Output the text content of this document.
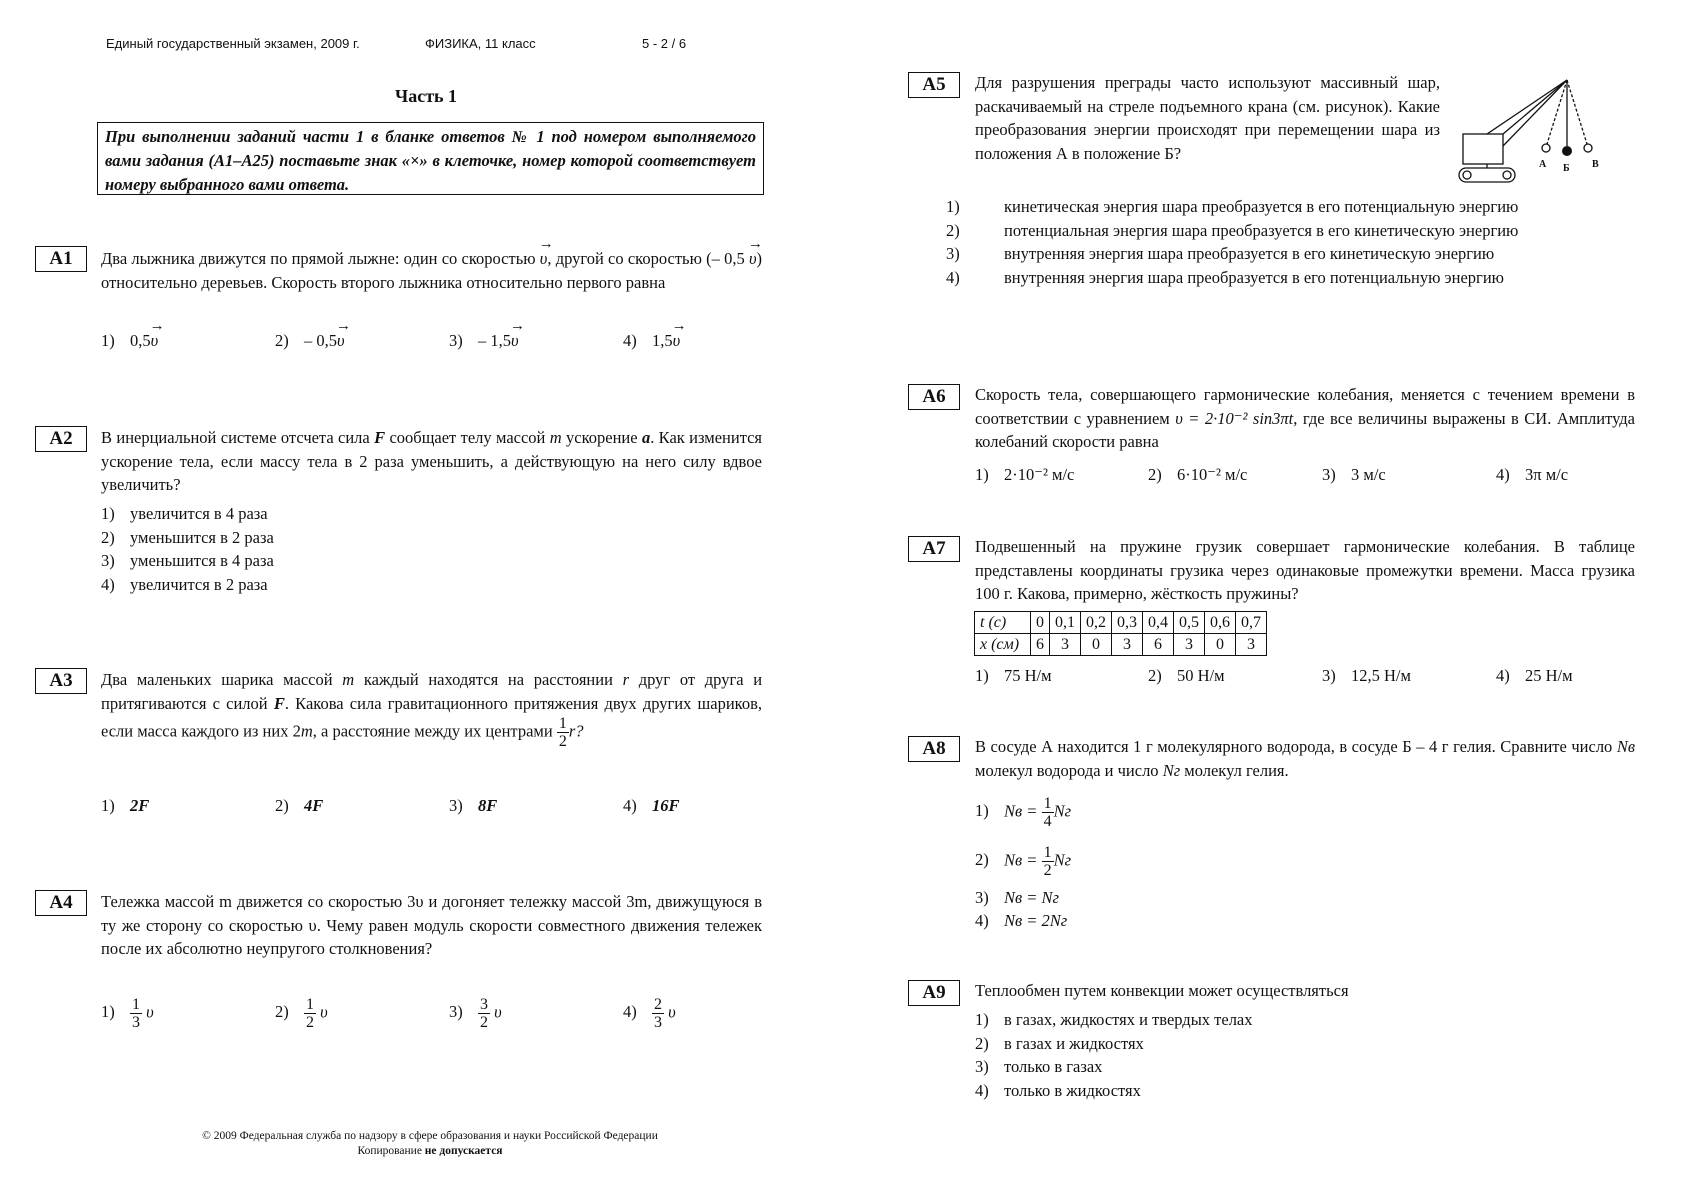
Единый государственный экзамен, 2009 г.	ФИЗИКА, 11 класс	5 - 2 / 6
Часть 1
При выполнении заданий части 1 в бланке ответов № 1 под номером выполняемого вами задания (А1–А25) поставьте знак «×» в клеточке, номер которой соответствует номеру выбранного вами ответа.
A1	Два лыжника движутся по прямой лыжне: один со скоростью → υ, другой со скоростью (– 0,5 → υ) относительно деревьев. Скорость второго лыжника относительно первого равна
1) 0,5→ υ	2) – 0,5→ υ	3) – 1,5→ υ	4) 1,5→ υ
A2	В инерциальной системе отсчета сила F сообщает телу массой m ускорение a. Как изменится ускорение тела, если массу тела в 2 раза уменьшить, а действующую на него силу вдвое увеличить?
1) увеличится в 4 раза
2) уменьшится в 2 раза
3) уменьшится в 4 раза
4) увеличится в 2 раза
A3	Два маленьких шарика массой m каждый находятся на расстоянии r друг от друга и притягиваются с силой F. Какова сила гравитационного притяжения двух других шариков, если масса каждого из них 2m, а расстояние между их центрами $\frac{1}{2} r$?
1) 2F	2) 4F	3) 8F	4) 16F
A4	Тележка массой m движется со скоростью 3υ и догоняет тележку массой 3m, движущуюся в ту же сторону со скоростью υ. Чему равен модуль скорости совместного движения тележек после их абсолютно неупругого столкновения?
$1) \frac{1}{3}$ υ	$2) \frac{1}{2}$ υ	$3) \frac{3}{2}$ υ	$4) \frac{2}{3}$ υ
© 2009 Федеральная служба по надзору в сфере образования и науки Российской Федерации
Копирование не допускается
A5	Для разрушения преграды часто используют массивный шар, раскачиваемый на стреле подъемного крана (см. рисунок). Какие преобразования энергии происходят при перемещении шара из положения А в положение Б?
А Б В
1)	кинетическая энергия шара преобразуется в его потенциальную энергию
2)	потенциальная энергия шара преобразуется в его кинетическую энергию
3)	внутренняя энергия шара преобразуется в его кинетическую энергию
4)	внутренняя энергия шара преобразуется в его потенциальную энергию
A6	Скорость тела, совершающего гармонические колебания, меняется с течением времени в соответствии с уравнением υ = 2·10⁻² sin3πt, где все величины выражены в СИ. Амплитуда колебаний скорости равна
1) 2·10⁻² м/с	2) 6·10⁻² м/с	3) 3 м/с	4) 3π м/с
A7	Подвешенный на пружине грузик совершает гармонические колебания. В таблице представлены координаты грузика через одинаковые промежутки времени. Масса грузика 100 г. Какова, примерно, жёсткость пружины?
t (c)	0	0,1	0,2	0,3	0,4	0,5	0,6	0,7
x (см)	6	3	0	3	6	3	0	3
1) 75 Н/м	2) 50 Н/м	3) 12,5 Н/м	4) 25 Н/м
A8	В сосуде А находится 1 г молекулярного водорода, в сосуде Б – 4 г гелия. Сравните число Nв молекул водорода и число Nг молекул гелия.
1) Nв = $\frac{1}{4}$ Nг
2) Nв = $\frac{1}{2}$ Nг
3) Nв = Nг
4) Nв = 2Nг
A9	Теплообмен путем конвекции может осуществляться
1) в газах, жидкостях и твердых телах
2) в газах и жидкостях
3) только в газах
4) только в жидкостях
